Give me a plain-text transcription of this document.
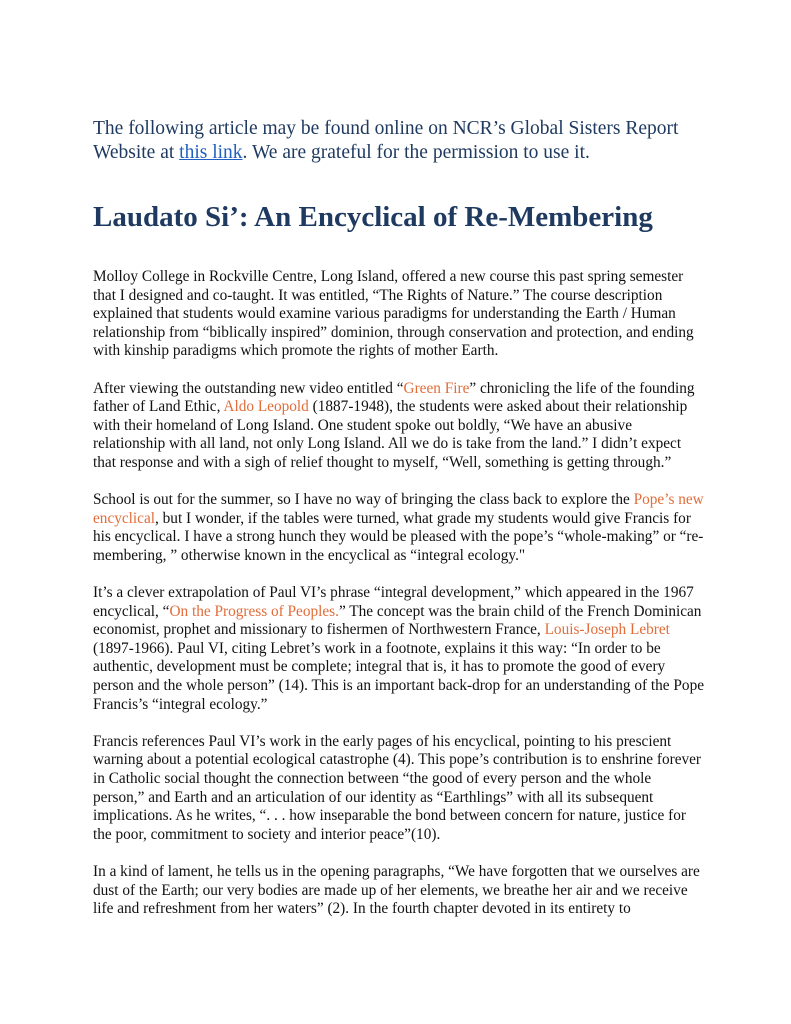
The following article may be found online on NCR’s Global Sisters Report Website at this link. We are grateful for the permission to use it.
Laudato Si’: An Encyclical of Re-Membering

Molloy College in Rockville Centre, Long Island, offered a new course this past spring semester that I designed and co-taught. It was entitled, “The Rights of Nature.” The course description explained that students would examine various paradigms for understanding the Earth / Human relationship from “biblically inspired” dominion, through conservation and protection, and ending with kinship paradigms which promote the rights of mother Earth.

After viewing the outstanding new video entitled “Green Fire” chronicling the life of the founding father of Land Ethic, Aldo Leopold (1887-1948), the students were asked about their relationship with their homeland of Long Island. One student spoke out boldly, “We have an abusive relationship with all land, not only Long Island. All we do is take from the land.” I didn’t expect that response and with a sigh of relief thought to myself, “Well, something is getting through.”

School is out for the summer, so I have no way of bringing the class back to explore the Pope’s new encyclical, but I wonder, if the tables were turned, what grade my students would give Francis for his encyclical. I have a strong hunch they would be pleased with the pope’s “whole-making” or “re-membering, ” otherwise known in the encyclical as “integral ecology."

It’s a clever extrapolation of Paul VI’s phrase “integral development,” which appeared in the 1967 encyclical, “On the Progress of Peoples.” The concept was the brain child of the French Dominican economist, prophet and missionary to fishermen of Northwestern France, Louis-Joseph Lebret (1897-1966). Paul VI, citing Lebret’s work in a footnote, explains it this way: “In order to be authentic, development must be complete; integral that is, it has to promote the good of every person and the whole person” (14). This is an important back-drop for an understanding of the Pope Francis’s “integral ecology.”

Francis references Paul VI’s work in the early pages of his encyclical, pointing to his prescient warning about a potential ecological catastrophe (4). This pope’s contribution is to enshrine forever in Catholic social thought the connection between “the good of every person and the whole person,” and Earth and an articulation of our identity as “Earthlings” with all its subsequent implications. As he writes, “. . . how inseparable the bond between concern for nature, justice for the poor, commitment to society and interior peace”(10).

In a kind of lament, he tells us in the opening paragraphs, “We have forgotten that we ourselves are dust of the Earth; our very bodies are made up of her elements, we breathe her air and we receive life and refreshment from her waters” (2). In the fourth chapter devoted in its entirety to
